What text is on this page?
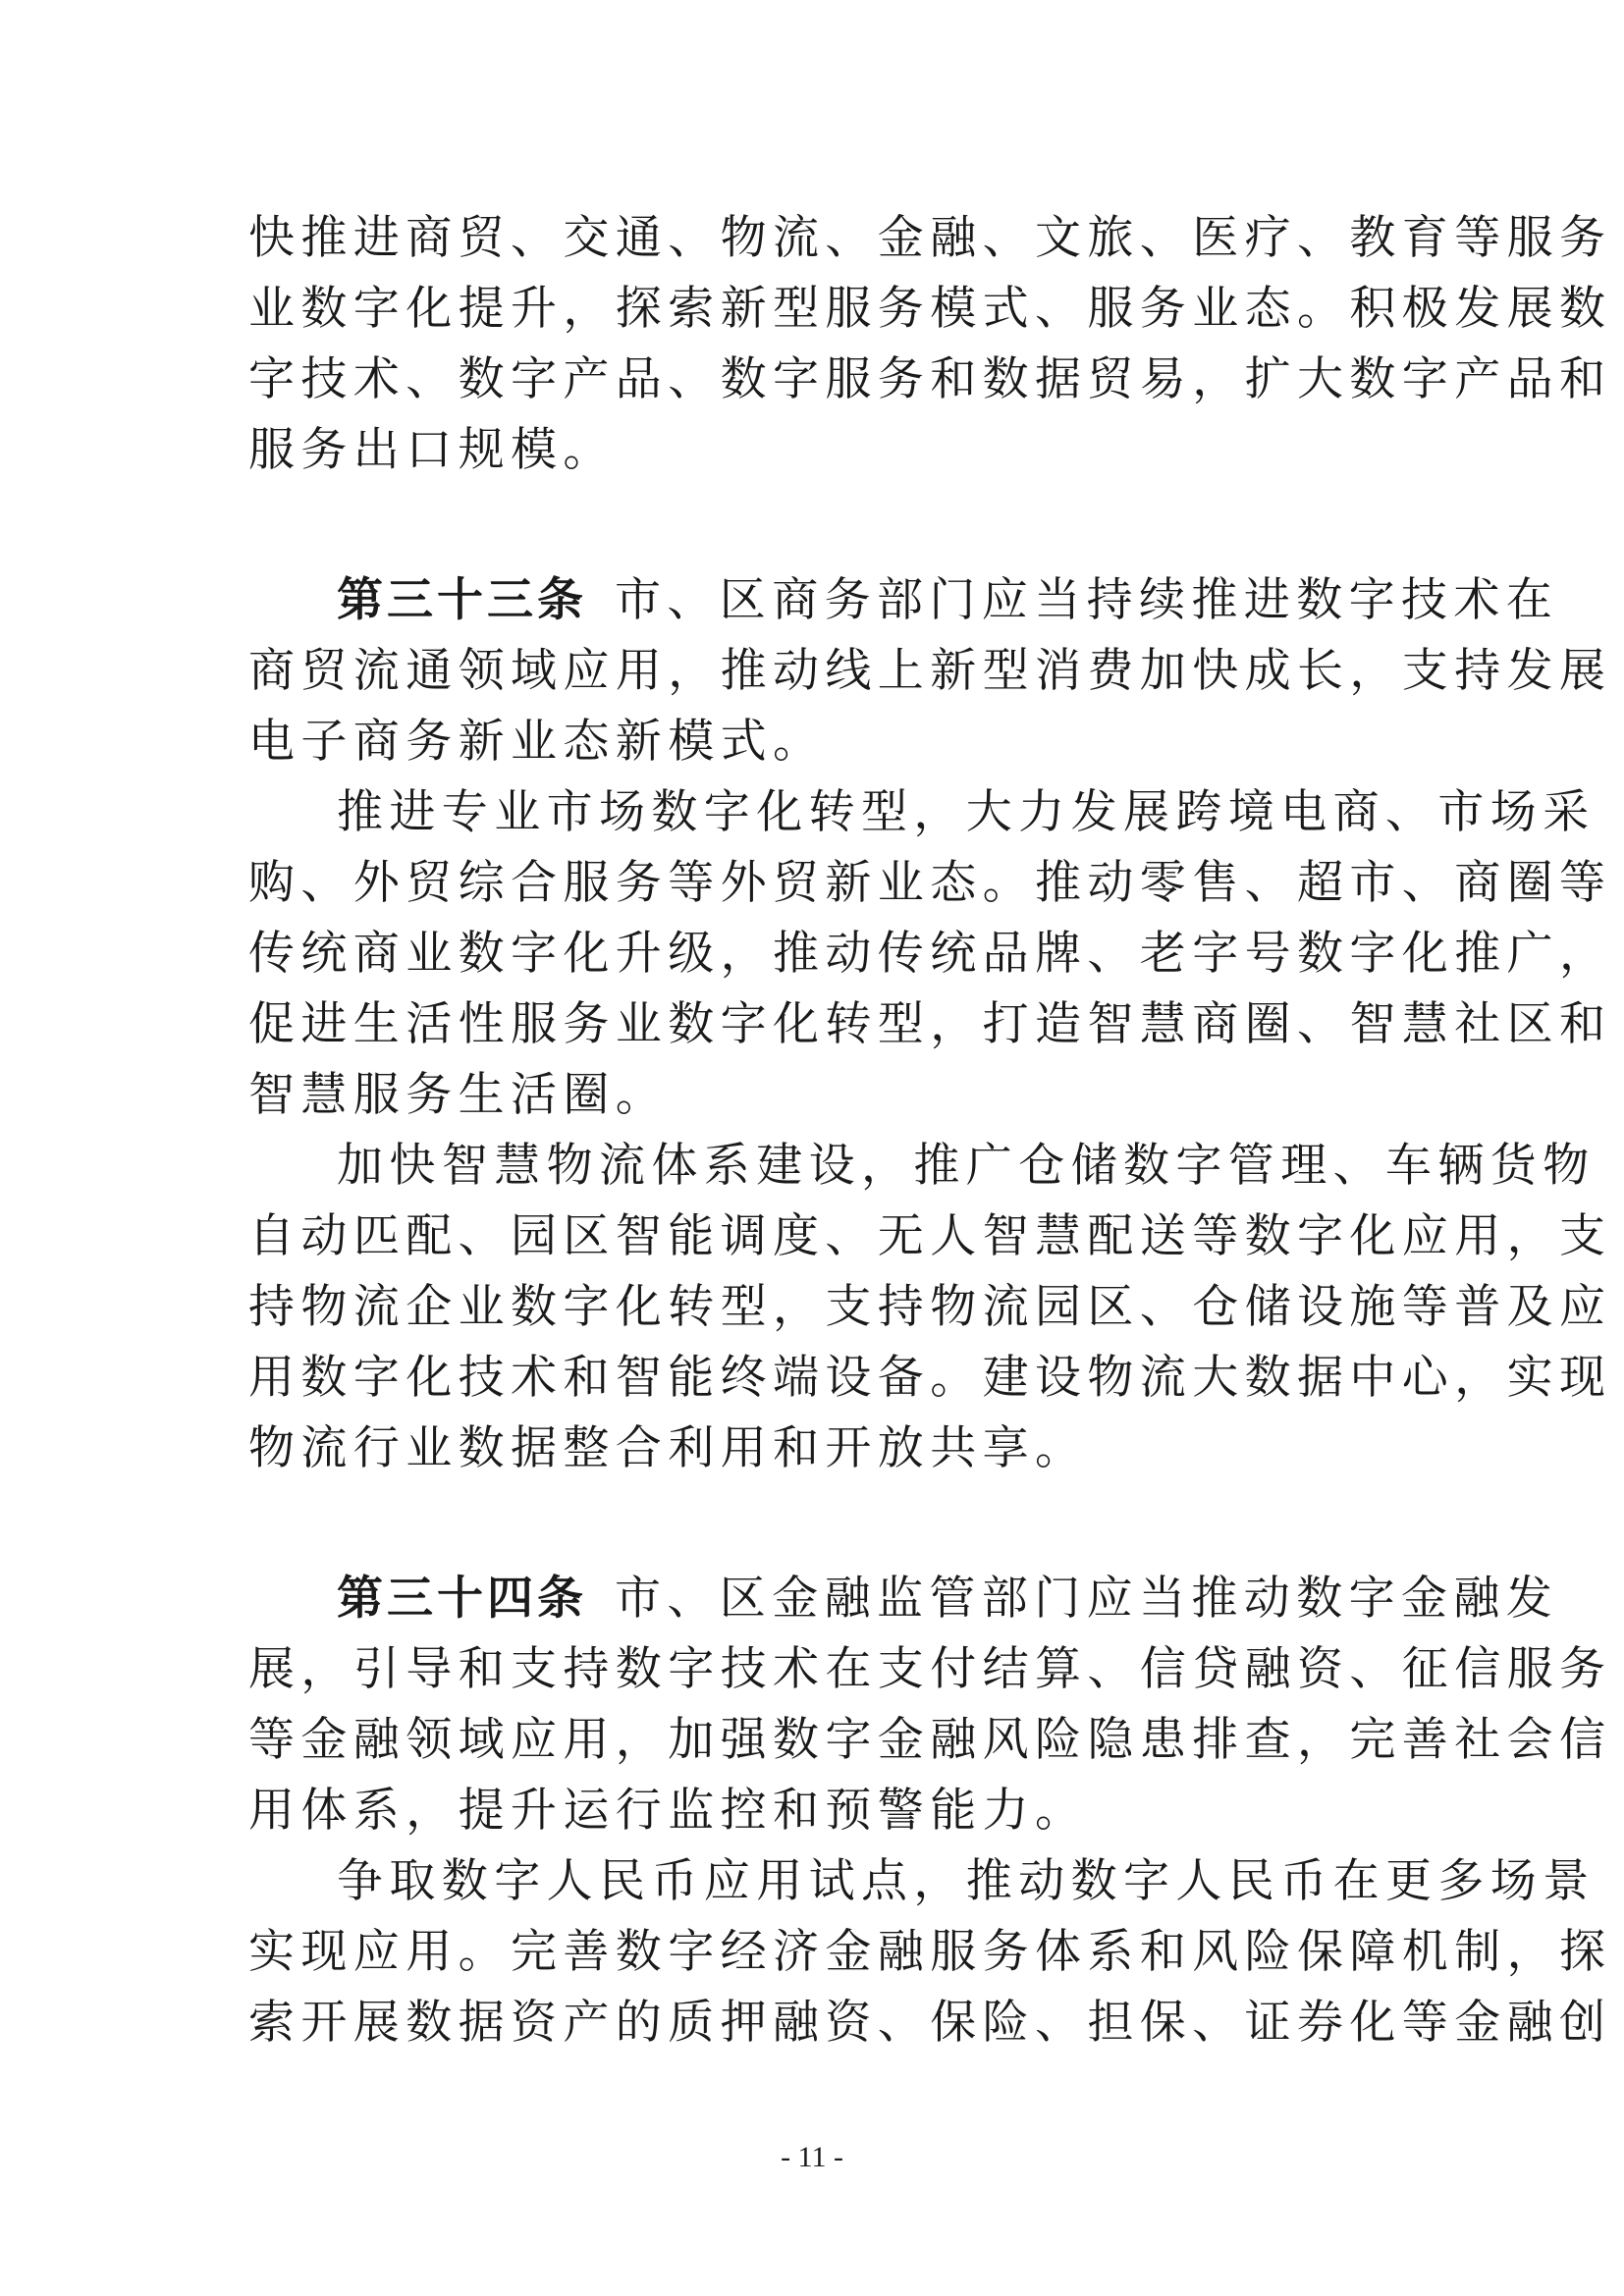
快推进商贸、交通、物流、金融、文旅、医疗、教育等服务
业数字化提升，探索新型服务模式、服务业态。积极发展数
字技术、数字产品、数字服务和数据贸易，扩大数字产品和
服务出口规模。
第三十三条 市、区商务部门应当持续推进数字技术在
商贸流通领域应用，推动线上新型消费加快成长，支持发展
电子商务新业态新模式。
推进专业市场数字化转型，大力发展跨境电商、市场采
购、外贸综合服务等外贸新业态。推动零售、超市、商圈等
传统商业数字化升级，推动传统品牌、老字号数字化推广，
促进生活性服务业数字化转型，打造智慧商圈、智慧社区和
智慧服务生活圈。
加快智慧物流体系建设，推广仓储数字管理、车辆货物
自动匹配、园区智能调度、无人智慧配送等数字化应用，支
持物流企业数字化转型，支持物流园区、仓储设施等普及应
用数字化技术和智能终端设备。建设物流大数据中心，实现
物流行业数据整合利用和开放共享。
第三十四条 市、区金融监管部门应当推动数字金融发
展，引导和支持数字技术在支付结算、信贷融资、征信服务
等金融领域应用，加强数字金融风险隐患排查，完善社会信
用体系，提升运行监控和预警能力。
争取数字人民币应用试点，推动数字人民币在更多场景
实现应用。完善数字经济金融服务体系和风险保障机制，探
索开展数据资产的质押融资、保险、担保、证券化等金融创
- 11 -
